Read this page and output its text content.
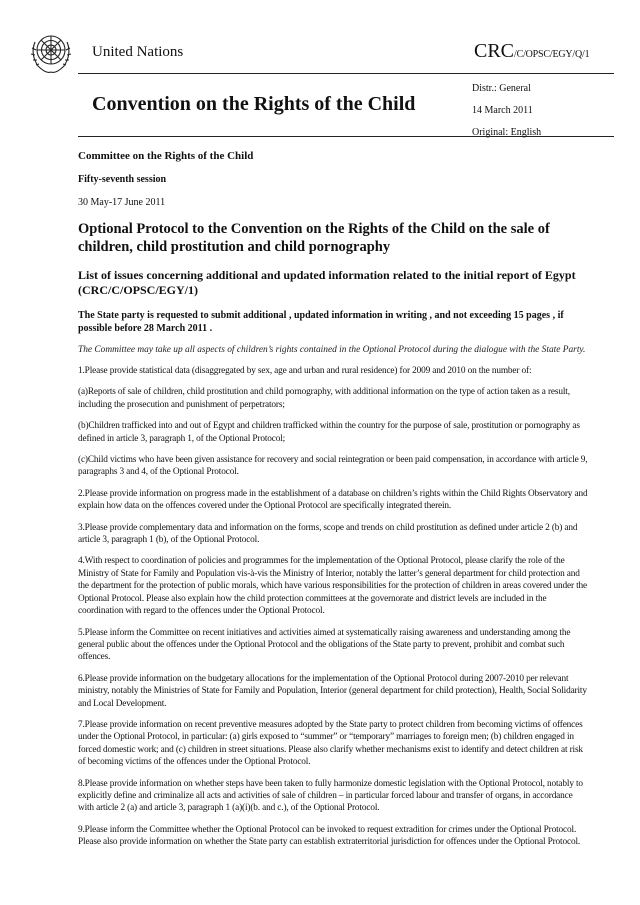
United Nations	CRC/C/OPSC/EGY/Q/1
Distr.: General
14 March 2011
Original: English
Convention on the Rights of the Child

Committee on the Rights of the Child

Fifty-seventh session

30 May-17 June 2011

Optional Protocol to the Convention on the Rights of the Child on the sale of children, child prostitution and child pornography

List of issues concerning additional and updated information related to the initial report of Egypt (CRC/C/OPSC/EGY/1)

The State party is requested to submit additional , updated information in writing , and not exceeding 15 pages , if possible before 28 March 2011 .

The Committee may take up all aspects of children’s rights contained in the Optional Protocol during the dialogue with the State Party.

1.Please provide statistical data (disaggregated by sex, age and urban and rural residence) for 2009 and 2010 on the number of:

(a)Reports of sale of children, child prostitution and child pornography, with additional information on the type of action taken as a result, including the prosecution and punishment of perpetrators;

(b)Children trafficked into and out of Egypt and children trafficked within the country for the purpose of sale, prostitution or pornography as defined in article 3, paragraph 1, of the Optional Protocol;

(c)Child victims who have been given assistance for recovery and social reintegration or been paid compensation, in accordance with article 9, paragraphs 3 and 4, of the Optional Protocol.

2.Please provide information on progress made in the establishment of a database on children’s rights within the Child Rights Observatory and explain how data on the offences covered under the Optional Protocol are specifically integrated therein.

3.Please provide complementary data and information on the forms, scope and trends on child prostitution as defined under article 2 (b) and article 3, paragraph 1 (b), of the Optional Protocol.

4.With respect to coordination of policies and programmes for the implementation of the Optional Protocol, please clarify the role of the Ministry of State for Family and Population vis-à-vis the Ministry of Interior, notably the latter’s general department for child protection and the department for the protection of public morals, which have various responsibilities for the protection of children in areas covered under the Optional Protocol. Please also explain how the child protection committees at the governorate and district levels are included in the coordination with regard to the offences under the Optional Protocol.

5.Please inform the Committee on recent initiatives and activities aimed at systematically raising awareness and understanding among the general public about the offences under the Optional Protocol and the obligations of the State party to prevent, prohibit and combat such offences.

6.Please provide information on the budgetary allocations for the implementation of the Optional Protocol during 2007-2010 per relevant ministry, notably the Ministries of State for Family and Population, Interior (general department for child protection), Health, Social Solidarity and Local Development.

7.Please provide information on recent preventive measures adopted by the State party to protect children from becoming victims of offences under the Optional Protocol, in particular: (a) girls exposed to “summer” or “temporary” marriages to foreign men; (b) children engaged in forced domestic work; and (c) children in street situations. Please also clarify whether mechanisms exist to identify and detect children at risk of becoming victims of the offences under the Optional Protocol.

8.Please provide information on whether steps have been taken to fully harmonize domestic legislation with the Optional Protocol, notably to explicitly define and criminalize all acts and activities of sale of children – in particular forced labour and transfer of organs, in accordance with article 2 (a) and article 3, paragraph 1 (a)(i)(b. and c.), of the Optional Protocol.

9.Please inform the Committee whether the Optional Protocol can be invoked to request extradition for crimes under the Optional Protocol. Please also provide information on whether the State party can establish extraterritorial jurisdiction for offences under the Optional Protocol.
